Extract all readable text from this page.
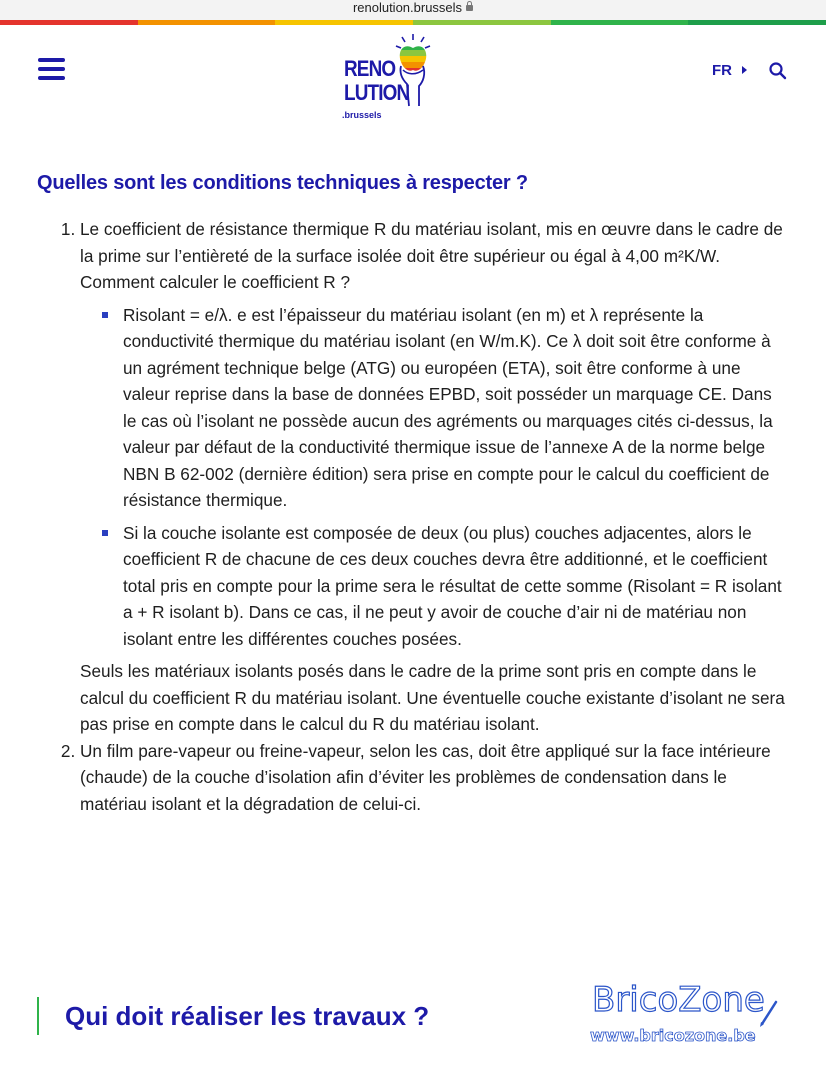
renolution.brussels
RENO
LUTION
.brussels
FR
Quelles sont les conditions techniques à respecter ?

1. Le coefficient de résistance thermique R du matériau isolant, mis en œuvre dans le cadre de la prime sur l’entièreté de la surface isolée doit être supérieur ou égal à 4,00 m²K/W.

Comment calculer le coefficient R ?

Risolant = e/λ. e est l’épaisseur du matériau isolant (en m) et λ représente la conductivité thermique du matériau isolant (en W/m.K). Ce λ doit soit être conforme à un agrément technique belge (ATG) ou européen (ETA), soit être conforme à une valeur reprise dans la base de données EPBD, soit posséder un marquage CE. Dans le cas où l’isolant ne possède aucun des agréments ou marquages cités ci-dessus, la valeur par défaut de la conductivité thermique issue de l’annexe A de la norme belge NBN B 62-002 (dernière édition) sera prise en compte pour le calcul du coefficient de résistance thermique.
Si la couche isolante est composée de deux (ou plus) couches adjacentes, alors le coefficient R de chacune de ces deux couches devra être additionné, et le coefficient total pris en compte pour la prime sera le résultat de cette somme (Risolant = R isolant a + R isolant b). Dans ce cas, il ne peut y avoir de couche d’air ni de matériau non isolant entre les différentes couches posées.

Seuls les matériaux isolants posés dans le cadre de la prime sont pris en compte dans le calcul du coefficient R du matériau isolant. Une éventuelle couche existante d’isolant ne sera pas prise en compte dans le calcul du R du matériau isolant.

2. Un film pare-vapeur ou freine-vapeur, selon les cas, doit être appliqué sur la face intérieure (chaude) de la couche d’isolation afin d’éviter les problèmes de condensation dans le matériau isolant et la dégradation de celui-ci.

Qui doit réaliser les travaux ?	BricoZone
www.bricozone.be
